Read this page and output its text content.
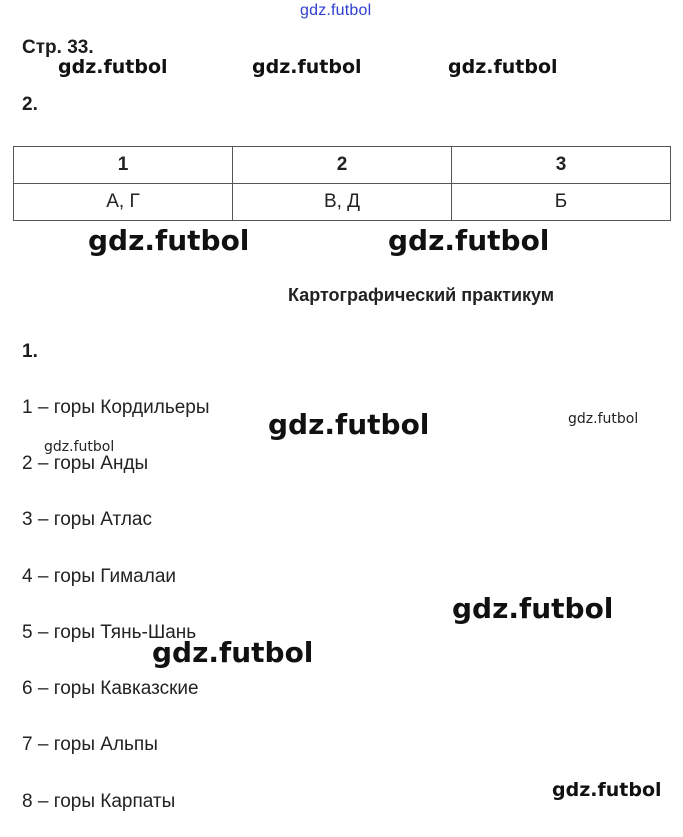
gdz.futbol
Стр. 33.
gdz.futbol	gdz.futbol	gdz.futbol
2.
1	2	3
А, Г	В, Д	Б
gdz.futbol	gdz.futbol
Картографический практикум
1.
1 – горы Кордильеры
2 – горы Анды
3 – горы Атлас
4 – горы Гималаи
5 – горы Тянь-Шань
6 – горы Кавказские
7 – горы Альпы
8 – горы Карпаты
gdz.futbol	gdz.futbol
gdz.futbol
gdz.futbol
gdz.futbol
gdz.futbol
